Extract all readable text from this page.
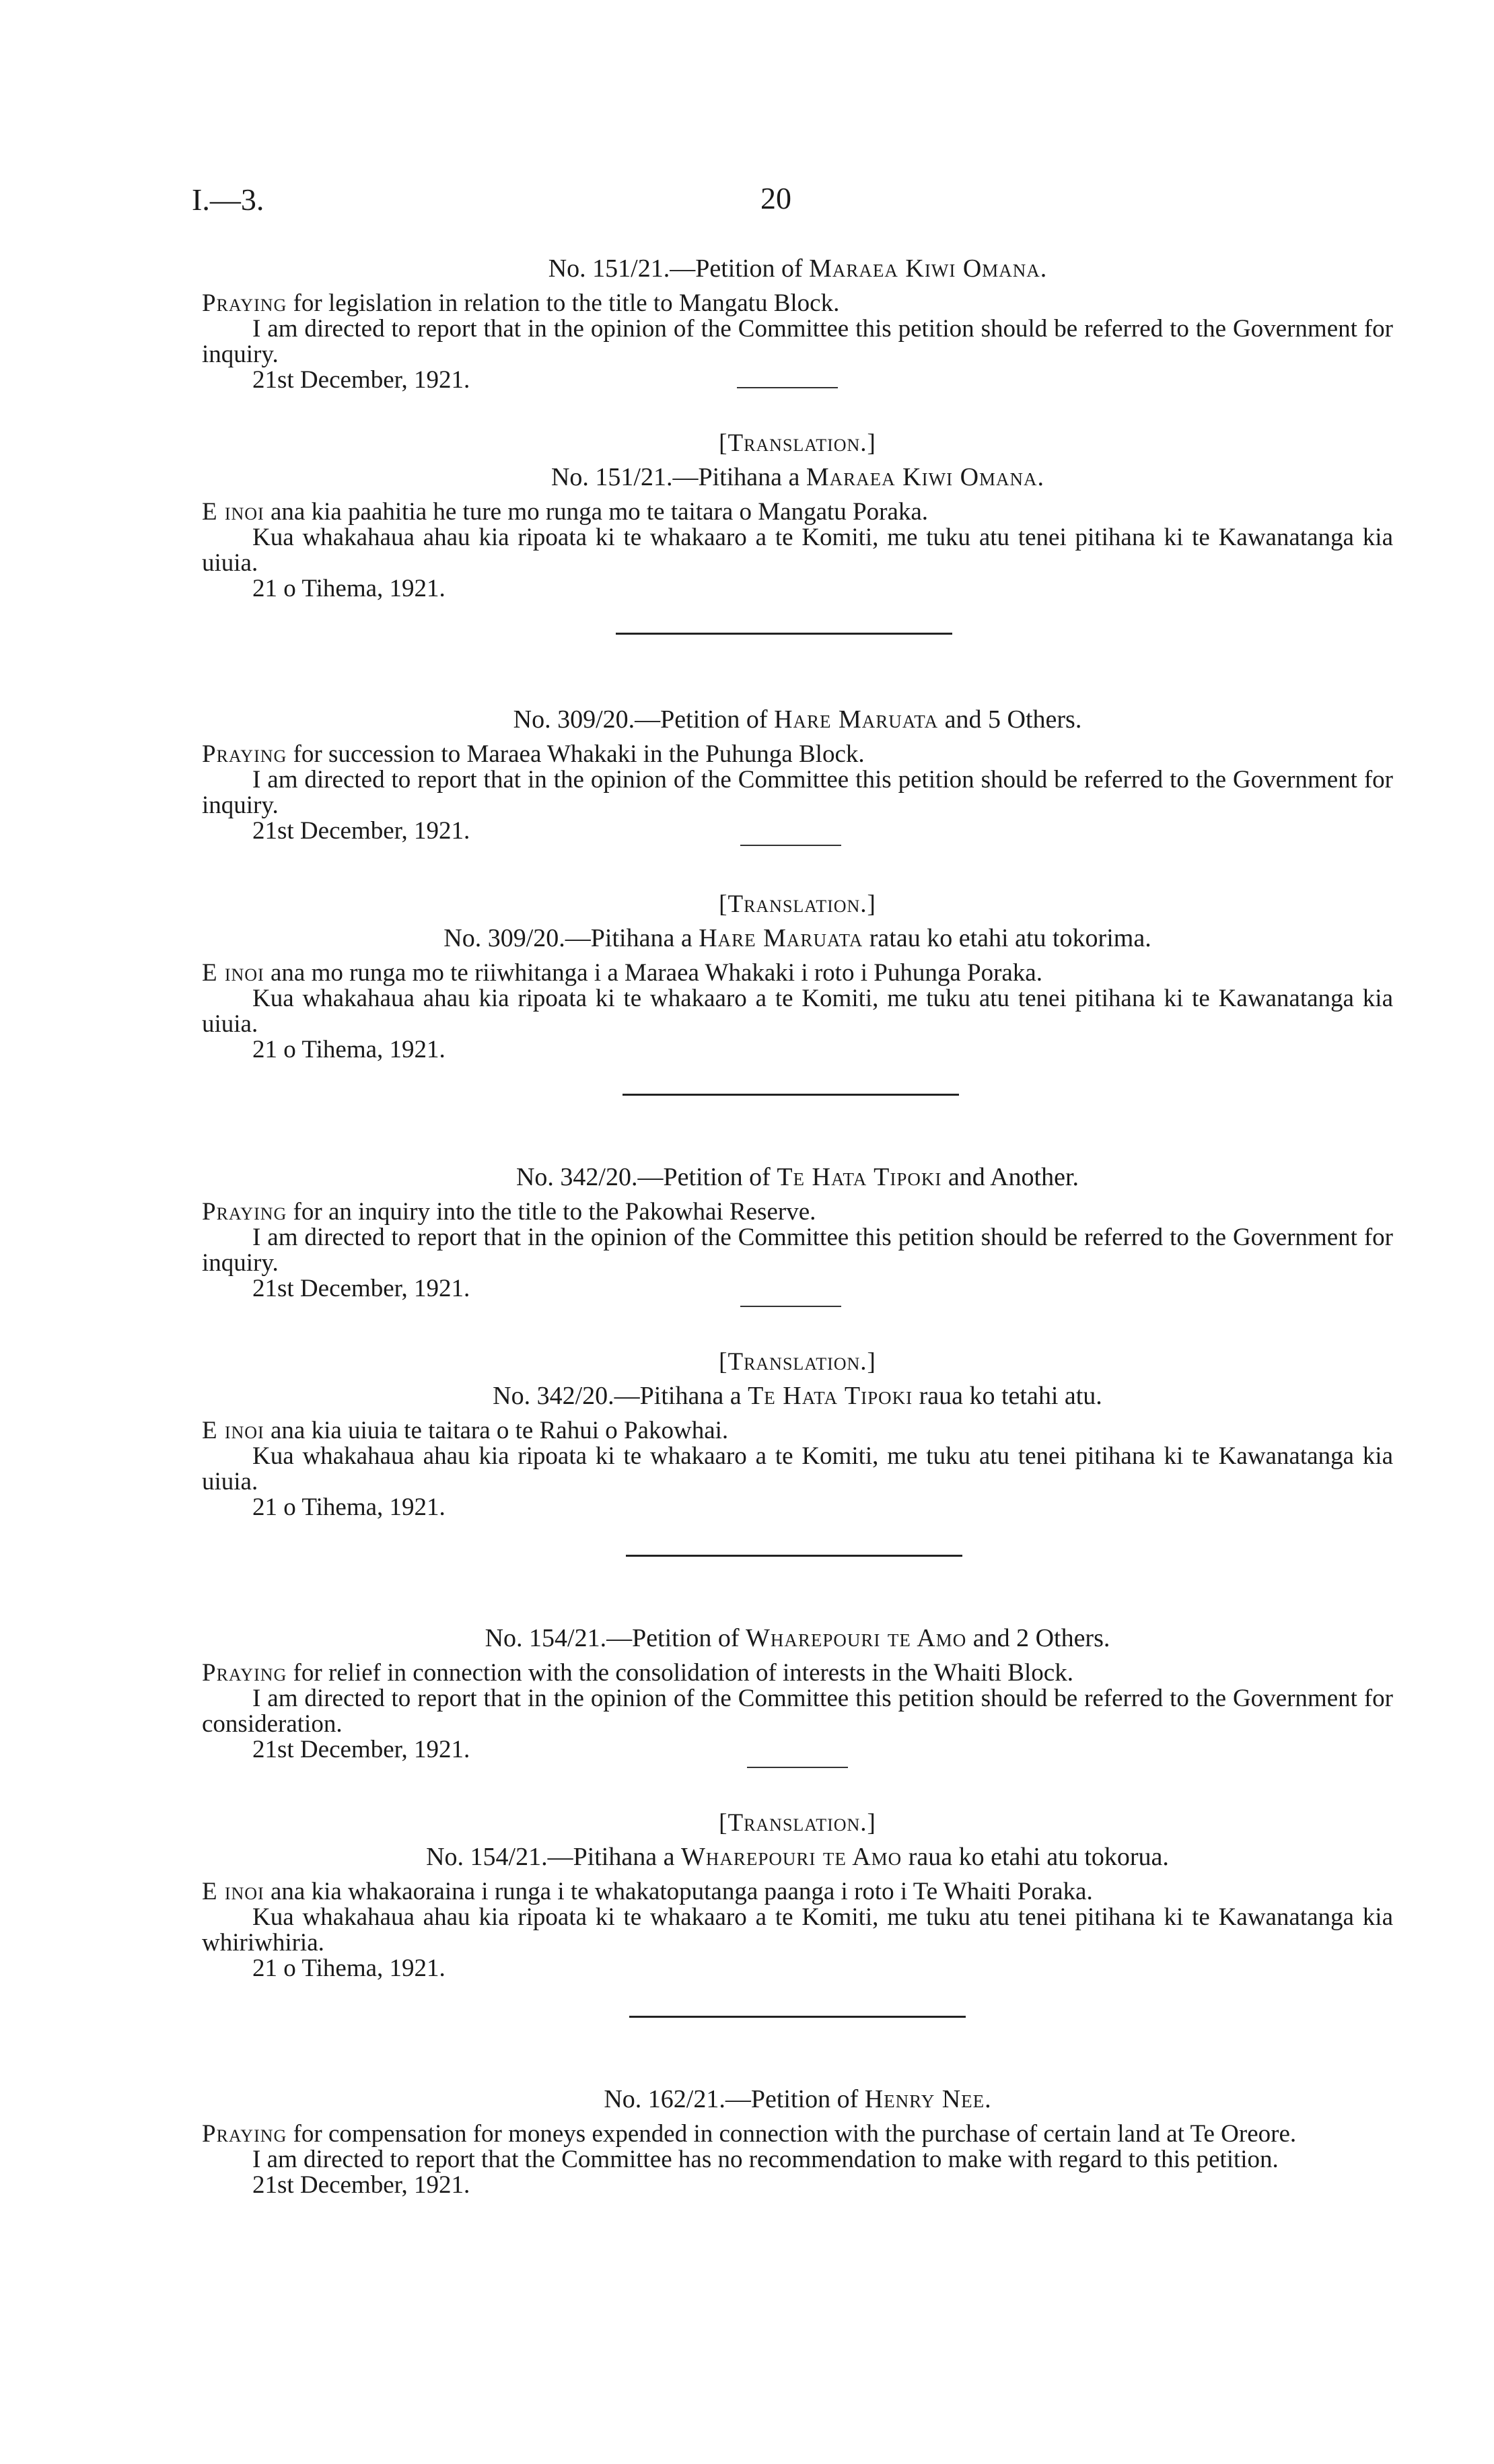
I.—3.	20
No. 151/21.—Petition of Maraea Kiwi Omana.

Praying for legislation in relation to the title to Mangatu Block.

I am directed to report that in the opinion of the Committee this petition should be referred to the Government for inquiry.

21st December, 1921.

[Translation.]
No. 151/21.—Pitihana a Maraea Kiwi Omana.

E inoi ana kia paahitia he ture mo runga mo te taitara o Mangatu Poraka.

Kua whakahaua ahau kia ripoata ki te whakaaro a te Komiti, me tuku atu tenei pitihana ki te Kawanatanga kia uiuia.

21 o Tihema, 1921.

No. 309/20.—Petition of Hare Maruata and 5 Others.

Praying for succession to Maraea Whakaki in the Puhunga Block.

I am directed to report that in the opinion of the Committee this petition should be referred to the Government for inquiry.

21st December, 1921.

[Translation.]
No. 309/20.—Pitihana a Hare Maruata ratau ko etahi atu tokorima.

E inoi ana mo runga mo te riiwhitanga i a Maraea Whakaki i roto i Puhunga Poraka.

Kua whakahaua ahau kia ripoata ki te whakaaro a te Komiti, me tuku atu tenei pitihana ki te Kawanatanga kia uiuia.

21 o Tihema, 1921.

No. 342/20.—Petition of Te Hata Tipoki and Another.

Praying for an inquiry into the title to the Pakowhai Reserve.

I am directed to report that in the opinion of the Committee this petition should be referred to the Government for inquiry.

21st December, 1921.

[Translation.]
No. 342/20.—Pitihana a Te Hata Tipoki raua ko tetahi atu.

E inoi ana kia uiuia te taitara o te Rahui o Pakowhai.

Kua whakahaua ahau kia ripoata ki te whakaaro a te Komiti, me tuku atu tenei pitihana ki te Kawanatanga kia uiuia.

21 o Tihema, 1921.

No. 154/21.—Petition of Wharepouri te Amo and 2 Others.

Praying for relief in connection with the consolidation of interests in the Whaiti Block.

I am directed to report that in the opinion of the Committee this petition should be referred to the Government for consideration.

21st December, 1921.

[Translation.]
No. 154/21.—Pitihana a Wharepouri te Amo raua ko etahi atu tokorua.

E inoi ana kia whakaoraina i runga i te whakatoputanga paanga i roto i Te Whaiti Poraka.

Kua whakahaua ahau kia ripoata ki te whakaaro a te Komiti, me tuku atu tenei pitihana ki te Kawanatanga kia whiriwhiria.

21 o Tihema, 1921.

No. 162/21.—Petition of Henry Nee.

Praying for compensation for moneys expended in connection with the purchase of certain land at Te Oreore.

I am directed to report that the Committee has no recommendation to make with regard to this petition.

21st December, 1921.
